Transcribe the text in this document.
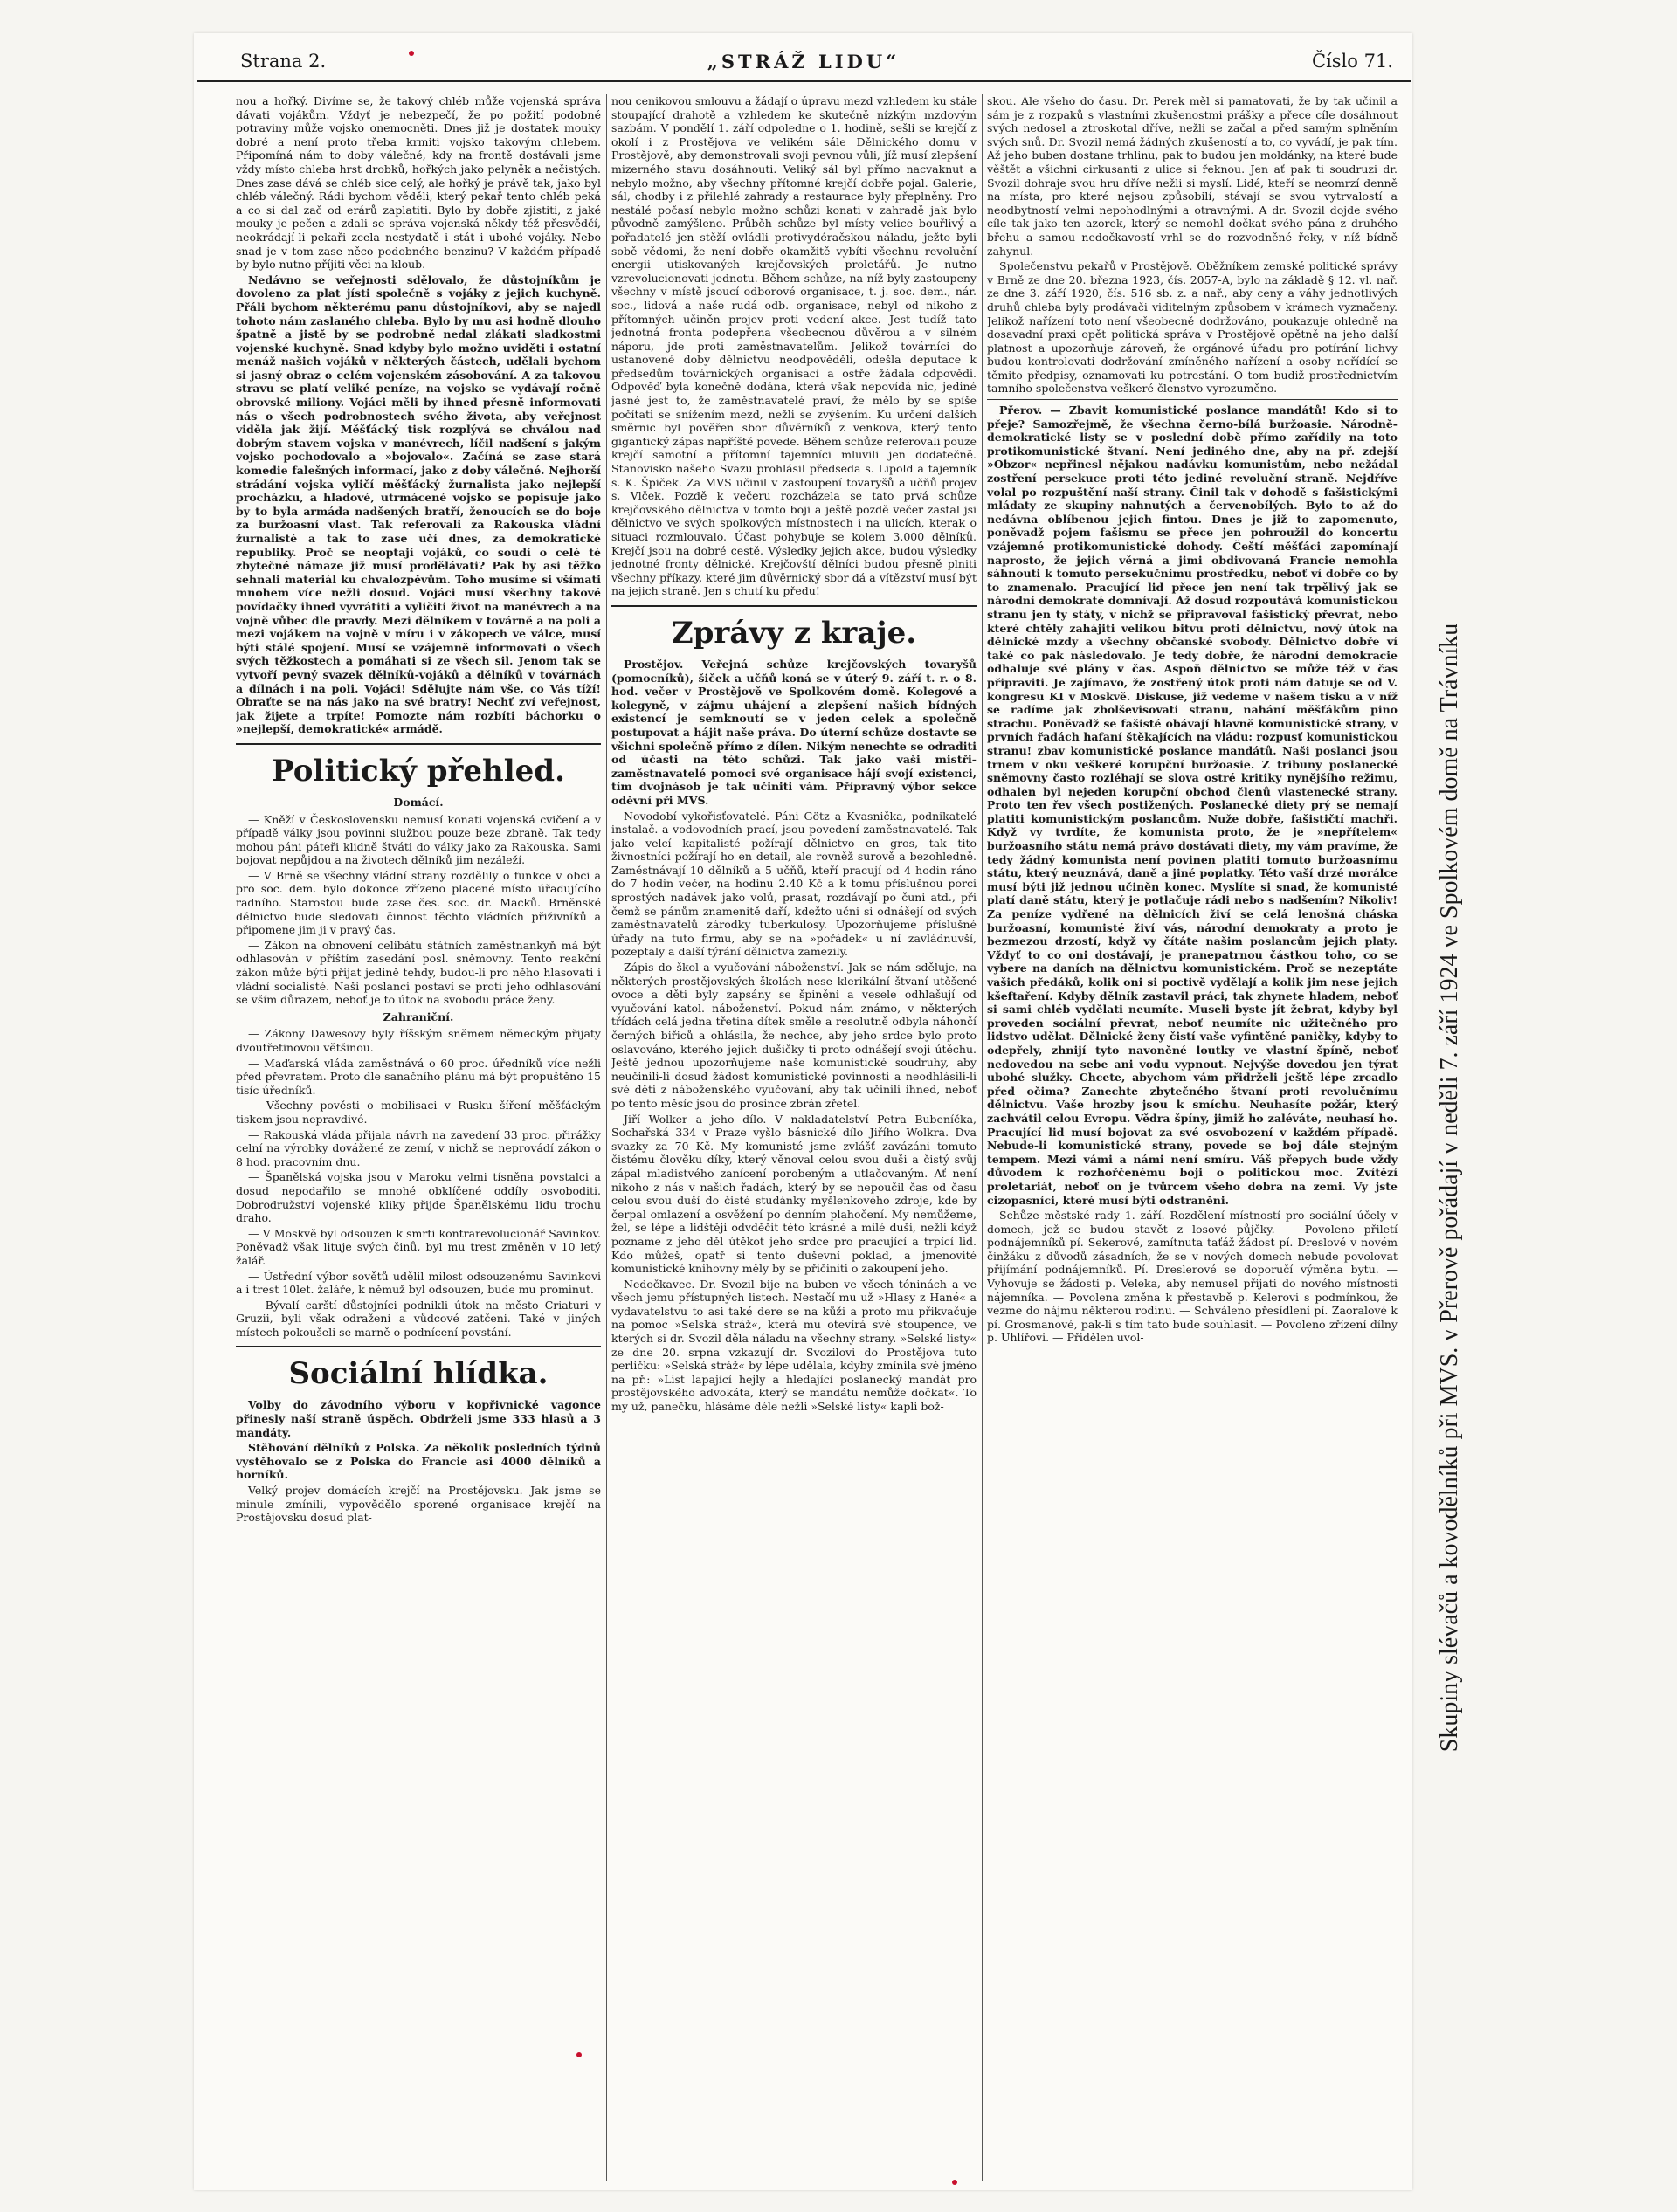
Strana 2.	„STRÁŽ LIDU“	Číslo 71.

nou a hořký. Divíme se, že takový chléb může vojenská správa dávati vojákům. Vždyť je nebezpečí, že po požití podobné potraviny může vojsko onemocněti. Dnes již je dostatek mouky dobré a není proto třeba krmiti vojsko takovým chlebem. Připomíná nám to doby válečné, kdy na frontě dostávali jsme vždy místo chleba hrst drobků, hořkých jako pelyněk a nečistých. Dnes zase dává se chléb sice celý, ale hořký je právě tak, jako byl chléb válečný. Rádi bychom věděli, který pekař tento chléb peká a co si dal zač od erárů zaplatiti. Bylo by dobře zjistiti, z jaké mouky je pečen a zdali se správa vojenská někdy též přesvědčí, neokrádají-li pekaři zcela nestydatě i stát i ubohé vojáky. Nebo snad je v tom zase něco podobného benzinu? V každém případě by bylo nutno příjiti věci na kloub.

Nedávno se veřejnosti sdělovalo, že důstojníkům je dovoleno za plat jísti společně s vojáky z jejich kuchyně. Přáli bychom některému panu důstojníkovi, aby se najedl tohoto nám zaslaného chleba. Bylo by mu asi hodně dlouho špatně a jistě by se podrobně nedal zlákati sladkostmi vojenské kuchyně. Snad kdyby bylo možno uviděti i ostatní menáž našich vojáků v některých částech, udělali bychom si jasný obraz o celém vojenském zásobování. A za takovou stravu se platí veliké peníze, na vojsko se vydávají ročně obrovské miliony. Vojáci měli by ihned přesně informovati nás o všech podrobnostech svého života, aby veřejnost viděla jak žijí. Měšťácký tisk rozplývá se chválou nad dobrým stavem vojska v manévrech, líčil nadšení s jakým vojsko pochodovalo a »bojovalo«. Začíná se zase stará komedie falešných informací, jako z doby válečné. Nejhorší strádání vojska vyličí měšťácký žurnalista jako nejlepší procházku, a hladové, utrmácené vojsko se popisuje jako by to byla armáda nadšených bratří, ženoucích se do boje za buržoasní vlast. Tak referovali za Rakouska vládní žurnalisté a tak to zase učí dnes, za demokratické republiky. Proč se neoptají vojáků, co soudí o celé té zbytečné námaze již musí prodělávati? Pak by asi těžko sehnali materiál ku chvalozpěvům. Toho musíme si všímati mnohem více nežli dosud. Vojáci musí všechny takové povídačky ihned vyvrátiti a vyličiti život na manévrech a na vojně vůbec dle pravdy. Mezi dělníkem v továrně a na poli a mezi vojákem na vojně v míru i v zákopech ve válce, musí býti stálé spojení. Musí se vzájemně informovati o všech svých těžkostech a pomáhati si ze všech sil. Jenom tak se vytvoří pevný svazek dělníků-vojáků a dělníků v továrnách a dílnách i na poli. Vojáci! Sdělujte nám vše, co Vás tíží! Obraťte se na nás jako na své bratry! Nechť zví veřejnost, jak žijete a trpíte! Pomozte nám rozbíti báchorku o »nejlepší, demokratické« armádě.

Politický přehled.
Domácí.

— Kněží v Československu nemusí konati vojenská cvičení a v případě války jsou povinni službou pouze beze zbraně. Tak tedy mohou páni páteři klidně štváti do války jako za Rakouska. Sami bojovat nepůjdou a na životech dělníků jim nezáleží.

— V Brně se všechny vládní strany rozdělily o funkce v obci a pro soc. dem. bylo dokonce zřízeno placené místo úřadujícího radního. Starostou bude zase čes. soc. dr. Macků. Brněnské dělnictvo bude sledovati činnost těchto vládních přiživníků a připomene jim ji v pravý čas.

— Zákon na obnovení celibátu státních zaměstnankyň má být odhlasován v příštím zasedání posl. sněmovny. Tento reakční zákon může býti přijat jedině tehdy, budou-li pro něho hlasovati i vládní socialisté. Naši poslanci postaví se proti jeho odhlasování se vším důrazem, neboť je to útok na svobodu práce ženy.

Zahraniční.

— Zákony Dawesovy byly říšským sněmem německým přijaty dvoutřetinovou většinou.

— Maďarská vláda zaměstnává o 60 proc. úředníků více nežli před převratem. Proto dle sanačního plánu má být propuštěno 15 tisíc úředníků.

— Všechny pověsti o mobilisaci v Rusku šíření měšťáckým tiskem jsou nepravdivé.

— Rakouská vláda přijala návrh na zavedení 33 proc. přirážky celní na výrobky dovážené ze zemí, v nichž se neprovádí zákon o 8 hod. pracovním dnu.

— Španělská vojska jsou v Maroku velmi tísněna povstalci a dosud nepodařilo se mnohé obklíčené oddíly osvoboditi. Dobrodružství vojenské kliky přijde Španělskému lidu trochu draho.

— V Moskvě byl odsouzen k smrti kontrarevolucionář Savinkov. Poněvadž však lituje svých činů, byl mu trest změněn v 10 letý žalář.

— Ústřední výbor sovětů udělil milost odsouzenému Savinkovi a i trest 10let. žaláře, k němuž byl odsouzen, bude mu prominut.

— Bývalí carští důstojníci podnikli útok na město Criaturi v Gruzii, byli však odraženi a vůdcové zatčeni. Také v jiných místech pokoušeli se marně o podnícení povstání.

Sociální hlídka.

Volby do závodního výboru v kopřivnické vagonce přinesly naší straně úspěch. Obdrželi jsme 333 hlasů a 3 mandáty.

Stěhování dělníků z Polska. Za několik posledních týdnů vystěhovalo se z Polska do Francie asi 4000 dělníků a horníků.

Velký projev domácích krejčí na Prostějovsku. Jak jsme se minule zmínili, vypovědělo sporené organisace krejčí na Prostějovsku dosud plat-

nou cenikovou smlouvu a žádají o úpravu mezd vzhledem ku stále stoupající drahotě a vzhledem ke skutečně nízkým mzdovým sazbám. V pondělí 1. září odpoledne o 1. hodině, sešli se krejčí z okolí i z Prostějova ve velikém sále Dělnického domu v Prostějově, aby demonstrovali svoji pevnou vůli, jíž musí zlepšení mizerného stavu dosáhnouti. Veliký sál byl přímo nacvaknut a nebylo možno, aby všechny přítomné krejčí dobře pojal. Galerie, sál, chodby i z přilehlé zahrady a restaurace byly přeplněny. Pro nestálé počasí nebylo možno schůzi konati v zahradě jak bylo původně zamýšleno. Průběh schůze byl místy velice bouřlivý a pořadatelé jen stěží ovládli protivydéračskou náladu, ježto byli sobě vědomi, že není dobře okamžitě vybíti všechnu revoluční energii utiskovaných krejčovských proletářů. Je nutno vzrevolucionovati jednotu. Během schůze, na níž byly zastoupeny všechny v místě jsoucí odborové organisace, t. j. soc. dem., nár. soc., lidová a naše rudá odb. organisace, nebyl od nikoho z přítomných učiněn projev proti vedení akce. Jest tudíž tato jednotná fronta podepřena všeobecnou důvěrou a v silném náporu, jde proti zaměstnavatelům. Jelikož továrníci do ustanovené doby dělnictvu neodpověděli, odešla deputace k předsedům továrnických organisací a ostře žádala odpovědi. Odpověď byla konečně dodána, která však nepovídá nic, jediné jasné jest to, že zaměstnavatelé praví, že mělo by se spíše počítati se snížením mezd, nežli se zvýšením. Ku určení dalších směrnic byl pověřen sbor důvěrníků z venkova, který tento gigantický zápas napříště povede. Během schůze referovali pouze krejčí samotní a přítomní tajemníci mluvili jen dodatečně. Stanovisko našeho Svazu prohlásil předseda s. Lipold a tajemník s. K. Špiček. Za MVS učinil v zastoupení tovaryšů a učňů projev s. Vlček. Pozdě k večeru rozcházela se tato prvá schůze krejčovského dělnictva v tomto boji a ještě pozdě večer zastal jsi dělnictvo ve svých spolkových místnostech i na ulicích, kterak o situaci rozmlouvalo. Účast pohybuje se kolem 3.000 dělníků. Krejčí jsou na dobré cestě. Výsledky jejich akce, budou výsledky jednotné fronty dělnické. Krejčovští dělníci budou přesně plniti všechny příkazy, které jim důvěrnický sbor dá a vítězství musí být na jejich straně. Jen s chutí ku předu!

Zprávy z kraje.

Prostějov. Veřejná schůze krejčovských tovaryšů (pomocníků), šiček a učňů koná se v úterý 9. září t. r. o 8. hod. večer v Prostějově ve Spolkovém domě. Kolegové a kolegyně, v zájmu uhájení a zlepšení našich bídných existencí je semknoutí se v jeden celek a společně postupovat a hájit naše práva. Do úterní schůze dostavte se všichni společně přímo z dílen. Nikým nenechte se odraditi od účasti na této schůzi. Tak jako vaši mistři-zaměstnavatelé pomoci své organisace hájí svojí existenci, tím dvojnásob je tak učiniti vám. Přípravný výbor sekce oděvní při MVS.

Novodobí vykořisťovatelé. Páni Götz a Kvasnička, podnikatelé instalač. a vodovodních prací, jsou povedení zaměstnavatelé. Tak jako velcí kapitalisté požírají dělnictvo en gros, tak tito živnostníci požírají ho en detail, ale rovněž surově a bezohledně. Zaměstnávají 10 dělníků a 5 učňů, kteří pracují od 4 hodin ráno do 7 hodin večer, na hodinu 2.40 Kč a k tomu příslušnou porci sprostých nadávek jako volů, prasat, rozdávají po čuni atd., při čemž se pánům znamenitě daří, kdežto učni si odnášejí od svých zaměstnavatelů zárodky tuberkulosy. Upozorňujeme příslušné úřady na tuto firmu, aby se na »pořádek« u ní zavládnuvší, pozeptaly a další týrání dělnictva zamezily.

Zápis do škol a vyučování náboženství. Jak se nám sděluje, na některých prostějovských školách nese klerikální štvaní utěšené ovoce a děti byly zapsány se špiněni a vesele odhlašují od vyučování katol. náboženství. Pokud nám známo, v některých třídách celá jedna třetina dítek směle a resolutně odbyla náhončí černých biřiců a ohlásila, že nechce, aby jeho srdce bylo proto oslavováno, kterého jejich dušičky ti proto odnášejí svoji útěchu. Ještě jednou upozorňujeme naše komunistické soudruhy, aby neučinili-li dosud žádost komunistické povinnosti a neodhlásili-li své děti z náboženského vyučování, aby tak učinili ihned, neboť po tento měsíc jsou do prosince zbrán zřetel.

Jiří Wolker a jeho dílo. V nakladatelství Petra Bubeníčka, Sochařská 334 v Praze vyšlo básnické dílo Jiřího Wolkra. Dva svazky za 70 Kč. My komunisté jsme zvlášť zavázáni tomuto čistému člověku díky, který věnoval celou svou duši a čistý svůj zápal mladistvého zanícení porobeným a utlačovaným. Ať není nikoho z nás v našich řadách, který by se nepoučil čas od času celou svou duší do čisté studánky myšlenkového zdroje, kde by čerpal omlazení a osvěžení po denním plahočení. My nemůžeme, žel, se lépe a lidštěji odvděčit této krásné a milé duši, nežli když pozname z jeho děl útěkot jeho srdce pro pracující a trpící lid. Kdo můžeš, opatř si tento duševní poklad, a jmenovité komunistické knihovny měly by se přičiniti o zakoupení jeho.

Nedočkavec. Dr. Svozil bije na buben ve všech tóninách a ve všech jemu přístupných listech. Nestačí mu už »Hlasy z Hané« a vydavatelstvu to asi také dere se na kůži a proto mu přikvačuje na pomoc »Selská stráž«, která mu otevírá své stoupence, ve kterých si dr. Svozil děla náladu na všechny strany. »Selské listy« ze dne 20. srpna vzkazují dr. Svozilovi do Prostějova tuto perličku: »Selská stráž« by lépe udělala, kdyby zmínila své jméno na př.: »List lapající hejly a hledající poslanecký mandát pro prostějovského advokáta, který se mandátu nemůže dočkat«. To my už, panečku, hlásáme déle nežli »Selské listy« kapli bož-

skou. Ale všeho do času. Dr. Perek měl si pamatovati, že by tak učinil a sám je z rozpaků s vlastními zkušenostmi prášky a přece cíle dosáhnout svých nedosel a ztroskotal dříve, nežli se začal a před samým splněním svých snů. Dr. Svozil nemá žádných zkušeností a to, co vyvádí, je pak tím. Až jeho buben dostane trhlinu, pak to budou jen moldánky, na které bude věštět a všichni cirkusanti z ulice si řeknou. Jen ať pak ti soudruzi dr. Svozil dohraje svou hru dříve nežli si myslí. Lidé, kteří se neomrzí denně na místa, pro které nejsou způsobilí, stávají se svou vytrvalostí a neodbytností velmi nepohodlnými a otravnými. A dr. Svozil dojde svého cíle tak jako ten azorek, který se nemohl dočkat svého pána z druhého břehu a samou nedočkavostí vrhl se do rozvodněné řeky, v níž bídně zahynul.

Společenstvu pekařů v Prostějově. Oběžníkem zemské politické správy v Brně ze dne 20. března 1923, čís. 2057-A, bylo na základě § 12. vl. nař. ze dne 3. září 1920, čís. 516 sb. z. a nař., aby ceny a váhy jednotlivých druhů chleba byly prodávači viditelným způsobem v krámech vyznačeny. Jelikož nařízení toto není všeobecně dodržováno, poukazuje ohledně na dosavadní praxi opět politická správa v Prostějově opětně na jeho další platnost a upozorňuje zároveň, že orgánové úřadu pro potírání lichvy budou kontrolovati dodržování zmíněného nařízení a osoby neřídící se těmito předpisy, oznamovati ku potrestání. O tom budiž prostřednictvím tamního společenstva veškeré členstvo vyrozuměno.

Přerov. — Zbavit komunistické poslance mandátů! Kdo si to přeje? Samozřejmě, že všechna černo-bílá buržoasie. Národně-demokratické listy se v poslední době přímo zařídily na toto protikomunistické štvaní. Není jediného dne, aby na př. zdejší »Obzor« nepřinesl nějakou nadávku komunistům, nebo nežádal zostření persekuce proti této jediné revoluční straně. Nejdříve volal po rozpuštění naší strany. Činil tak v dohodě s fašistickými mládaty ze skupiny nahnutých a červenobílých. Bylo to až do nedávna oblíbenou jejich fintou. Dnes je již to zapomenuto, poněvadž pojem fašismu se přece jen pohroužil do koncertu vzájemné protikomunistické dohody. Čeští měšťáci zapomínají naprosto, že jejich věrná a jimi obdivovaná Francie nemohla sáhnouti k tomuto persekučnímu prostředku, neboť ví dobře co by to znamenalo. Pracující lid přece jen není tak trpělivý jak se národní demokraté domnívají. Až dosud rozpoutává komunistickou stranu jen ty státy, v nichž se připravoval fašistický převrat, nebo které chtěly zahájiti velikou bitvu proti dělnictvu, nový útok na dělnické mzdy a všechny občanské svobody. Dělnictvo dobře ví také co pak následovalo. Je tedy dobře, že národní demokracie odhaluje své plány v čas. Aspoň dělnictvo se může též v čas připraviti. Je zajímavo, že zostřený útok proti nám datuje se od V. kongresu KI v Moskvě. Diskuse, již vedeme v našem tisku a v níž se radíme jak zbolševisovati stranu, nahání měšťákům pino strachu. Poněvadž se fašisté obávají hlavně komunistické strany, v prvních řadách hafaní štěkajících na vládu: rozpusť komunistickou stranu! zbav komunistické poslance mandátů. Naši poslanci jsou trnem v oku veškeré korupční buržoasie. Z tribuny poslanecké sněmovny často rozléhají se slova ostré kritiky nynějšího režimu, odhalen byl nejeden korupční obchod členů vlastenecké strany. Proto ten řev všech postižených. Poslanecké diety prý se nemají platiti komunistickým poslancům. Nuže dobře, fašističtí machři. Když vy tvrdíte, že komunista proto, že je »nepřítelem« buržoasního státu nemá právo dostávati diety, my vám pravíme, že tedy žádný komunista není povinen platiti tomuto buržoasnímu státu, který neuznává, daně a jiné poplatky. Této vaší drzé morálce musí býti již jednou učiněn konec. Myslíte si snad, že komunisté platí daně státu, který je potlačuje rádi nebo s nadšením? Nikoliv! Za peníze vydřené na dělnicích živí se celá lenošná cháska buržoasní, komunisté živí vás, národní demokraty a proto je bezmezou drzostí, když vy čítáte našim poslancům jejich platy. Vždyť to co oni dostávají, je pranepatrnou částkou toho, co se vybere na daních na dělnictvu komunistickém. Proč se nezeptáte vašich předáků, kolik oni si poctivě vydělají a kolik jim nese jejich kšeftaření. Kdyby dělník zastavil práci, tak zhynete hladem, neboť si sami chléb vydělati neumíte. Museli byste jít žebrat, kdyby byl proveden sociální převrat, neboť neumíte nic užitečného pro lidstvo udělat. Dělnické ženy čistí vaše vyfintěné paničky, kdyby to odepřely, zhnijí tyto navoněné loutky ve vlastní špíně, neboť nedovedou na sebe ani vodu vypnout. Nejvýše dovedou jen týrat ubohé služky. Chcete, abychom vám přidrželi ještě lépe zrcadlo před očima? Zanechte zbytečného štvaní proti revolučnímu dělnictvu. Vaše hrozby jsou k smíchu. Neuhasíte požár, který zachvátil celou Evropu. Vědra špíny, jimiž ho zaléváte, neuhasí ho. Pracující lid musí bojovat za své osvobození v každém případě. Nebude-li komunistické strany, povede se boj dále stejným tempem. Mezi vámi a námi není smíru. Váš přepych bude vždy důvodem k rozhořčenému boji o politickou moc. Zvítězí proletariát, neboť on je tvůrcem všeho dobra na zemi. Vy jste cizopasníci, které musí býti odstraněni.

Schůze městské rady 1. září. Rozdělení místností pro sociální účely v domech, jež se budou stavět z losové půjčky. — Povoleno přiletí podnájemníků pí. Sekerové, zamítnuta taťáž žádost pí. Dreslové v novém činžáku z důvodů zásadních, že se v nových domech nebude povolovat přijímání podnájemníků. Pí. Dreslerové se doporučí výměna bytu. — Vyhovuje se žádosti p. Veleka, aby nemusel přijati do nového místnosti nájemníka. — Povolena změna k přestavbě p. Kelerovi s podmínkou, že vezme do nájmu některou rodinu. — Schváleno přesídlení pí. Zaoralové k pí. Grosmanové, pak-li s tím tato bude souhlasit. — Povoleno zřízení dílny p. Uhlířovi. — Přidělen uvol-	Skupiny slévačů a kovodělníků při MVS. v Přerově pořádají v neděli 7. září 1924 ve Spolkovém domě na Trávníku
